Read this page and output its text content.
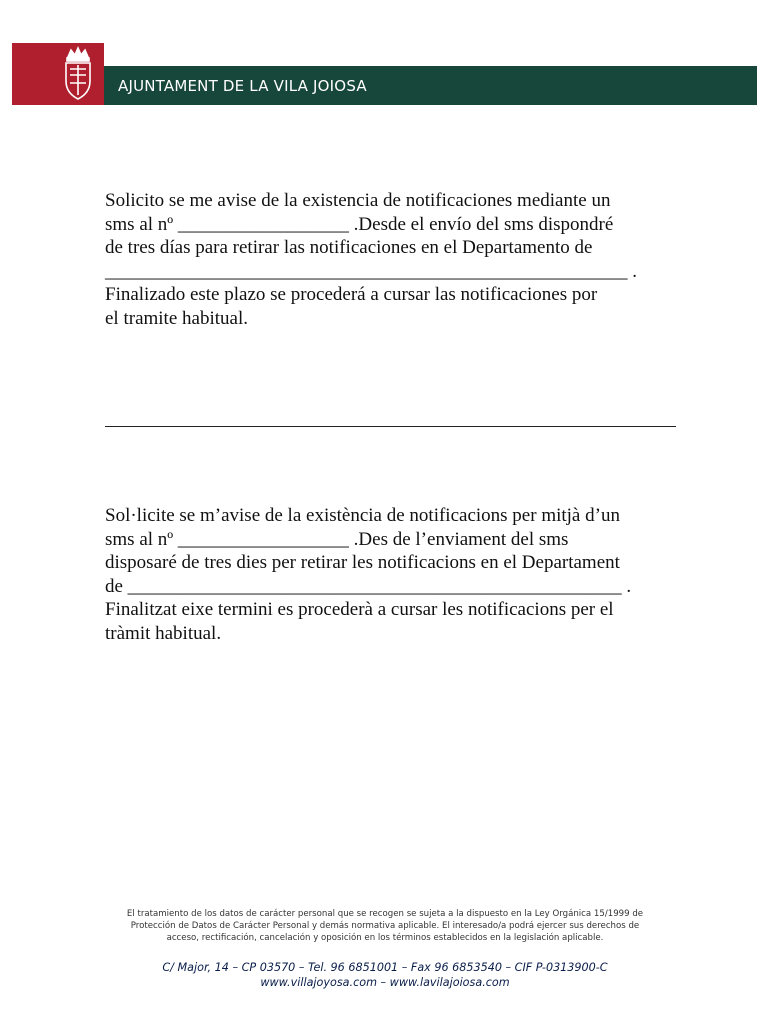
AJUNTAMENT DE LA VILA JOIOSA
Solicito se me avise de la existencia de notificaciones mediante un
sms al nº __________________ .Desde el envío del sms dispondré
de tres días para retirar las notificaciones en el Departamento de
_______________________________________________________ .
Finalizado este plazo se procederá a cursar las notificaciones por
el tramite habitual.
Sol·licite se m’avise de la existència de notificacions per mitjà d’un
sms al nº __________________ .Des de l’enviament del sms
disposaré de tres dies per retirar les notificacions en el Departament
de ____________________________________________________ .
Finalitzat eixe termini es procederà a cursar les notificacions per el
tràmit habitual.
El tratamiento de los datos de carácter personal que se recogen se sujeta a la dispuesto en la Ley Orgánica 15/1999 de
Protección de Datos de Carácter Personal y demás normativa aplicable. El interesado/a podrá ejercer sus derechos de
acceso, rectificación, cancelación y oposición en los términos establecidos en la legislación aplicable.
C/ Major, 14 – CP 03570 – Tel. 96 6851001 – Fax 96 6853540 – CIF P-0313900-C
www.villajoyosa.com – www.lavilajoiosa.com
